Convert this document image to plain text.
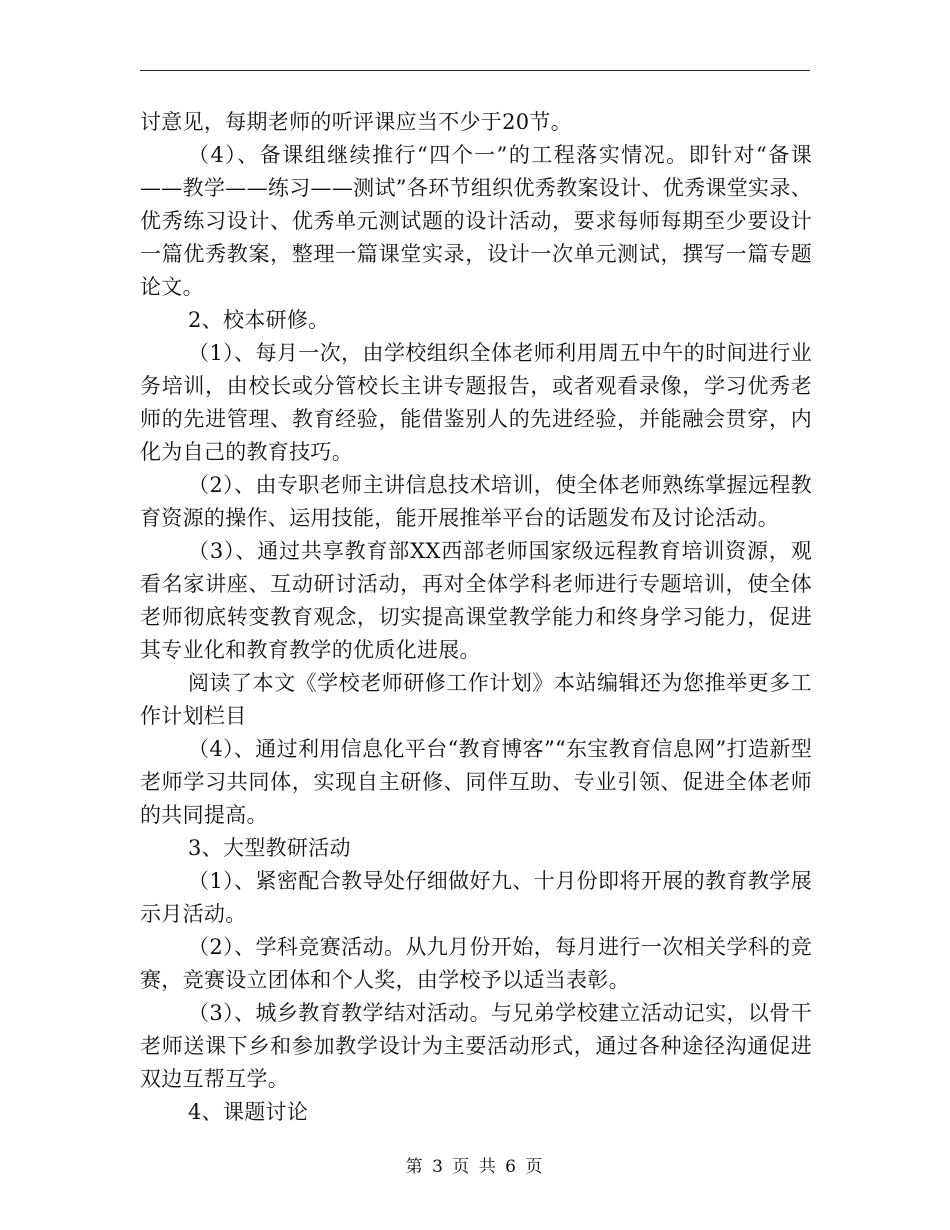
讨意见，每期老师的听评课应当不少于20节。

（4）、备课组继续推行“四个一”的工程落实情况。即针对“备课——教学——练习——测试”各环节组织优秀教案设计、优秀课堂实录、优秀练习设计、优秀单元测试题的设计活动，要求每师每期至少要设计一篇优秀教案，整理一篇课堂实录，设计一次单元测试，撰写一篇专题论文。

2、校本研修。

（1）、每月一次，由学校组织全体老师利用周五中午的时间进行业务培训，由校长或分管校长主讲专题报告，或者观看录像，学习优秀老师的先进管理、教育经验，能借鉴别人的先进经验，并能融会贯穿，内化为自己的教育技巧。

（2）、由专职老师主讲信息技术培训，使全体老师熟练掌握远程教育资源的操作、运用技能，能开展推举平台的话题发布及讨论活动。

（3）、通过共享教育部XX西部老师国家级远程教育培训资源，观看名家讲座、互动研讨活动，再对全体学科老师进行专题培训，使全体老师彻底转变教育观念，切实提高课堂教学能力和终身学习能力，促进其专业化和教育教学的优质化进展。

阅读了本文《学校老师研修工作计划》本站编辑还为您推举更多工作计划栏目

（4）、通过利用信息化平台“教育博客”“东宝教育信息网”打造新型老师学习共同体，实现自主研修、同伴互助、专业引领、促进全体老师的共同提高。

3、大型教研活动

（1）、紧密配合教导处仔细做好九、十月份即将开展的教育教学展示月活动。

（2）、学科竞赛活动。从九月份开始，每月进行一次相关学科的竞赛，竞赛设立团体和个人奖，由学校予以适当表彰。

（3）、城乡教育教学结对活动。与兄弟学校建立活动记实，以骨干老师送课下乡和参加教学设计为主要活动形式，通过各种途径沟通促进双边互帮互学。

4、课题讨论

第 3 页 共 6 页
